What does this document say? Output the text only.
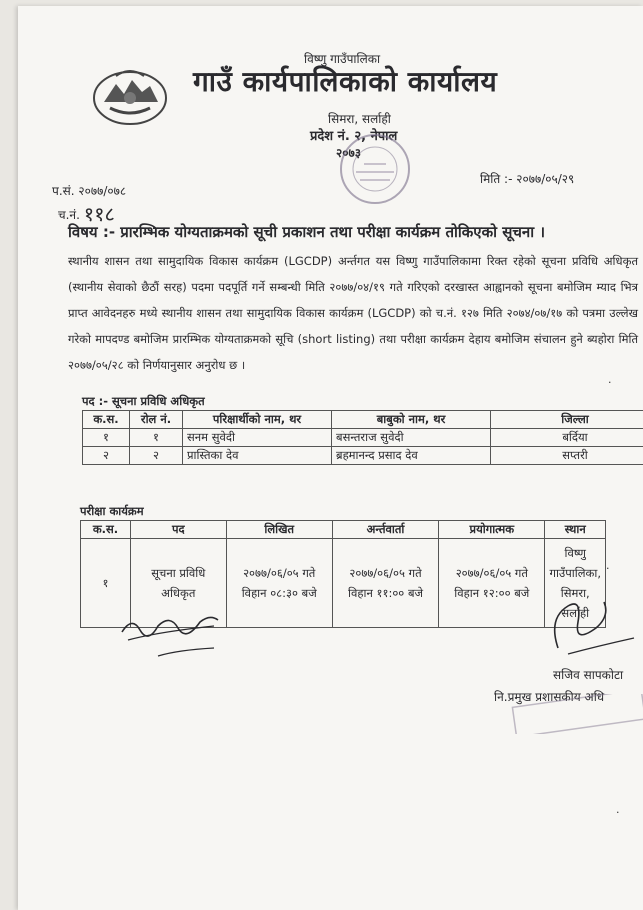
विष्णु गाउँपालिका
गाउँ कार्यपालिकाको कार्यालय
सिमरा, सर्लाही
प्रदेश नं. २, नेपाल
२०७३
प.सं. २०७७/०७८
च.नं. ११८
मिति :- २०७७/०५/२९
विषय :- प्रारम्भिक योग्यताक्रमको सूची प्रकाशन तथा परीक्षा कार्यक्रम तोकिएको सूचना ।
स्थानीय शासन तथा सामुदायिक विकास कार्यक्रम (LGCDP) अर्न्तगत यस विष्णु गाउँपालिकामा रिक्त रहेको सूचना प्रविधि अधिकृत (स्थानीय सेवाको छैठौं सरह) पदमा पदपूर्ति गर्ने सम्बन्धी मिति २०७७/०४/१९ गते गरिएको दरखास्त आह्वानको सूचना बमोजिम म्याद भित्र प्राप्त आवेदनहरु मध्ये स्थानीय शासन तथा सामुदायिक विकास कार्यक्रम (LGCDP) को च.नं. १२७ मिति २०७४/०७/१७ को पत्रमा उल्लेख गरेको मापदण्ड बमोजिम प्रारम्भिक योग्यताक्रमको सूचि (short listing) तथा परीक्षा कार्यक्रम देहाय बमोजिम संचालन हुने ब्यहोरा मिति २०७७/०५/२८ को निर्णयानुसार अनुरोध छ ।
पद :- सूचना प्रविधि अधिकृत
क.स.	रोल नं.	परिक्षार्थीको नाम, थर	बाबुको नाम, थर	जिल्ला
१	१	सनम सुवेदी	बसन्तराज सुवेदी	बर्दिया
२	२	प्रास्तिका देव	ब्रहमानन्द प्रसाद देव	सप्तरी
परीक्षा कार्यक्रम
क.स.	पद	लिखित	अर्न्तवार्ता	प्रयोगात्मक	स्थान
१	सूचना प्रविधि अधिकृत	२०७७/०६/०५ गते विहान ०८:३० बजे	२०७७/०६/०५ गते विहान ११:०० बजे	२०७७/०६/०५ गते विहान १२:०० बजे	विष्णु गाउँपालिका, सिमरा, सर्लाही
सजिव सापकोटा
नि.प्रमुख प्रशासकीय अधि
·
·
·
